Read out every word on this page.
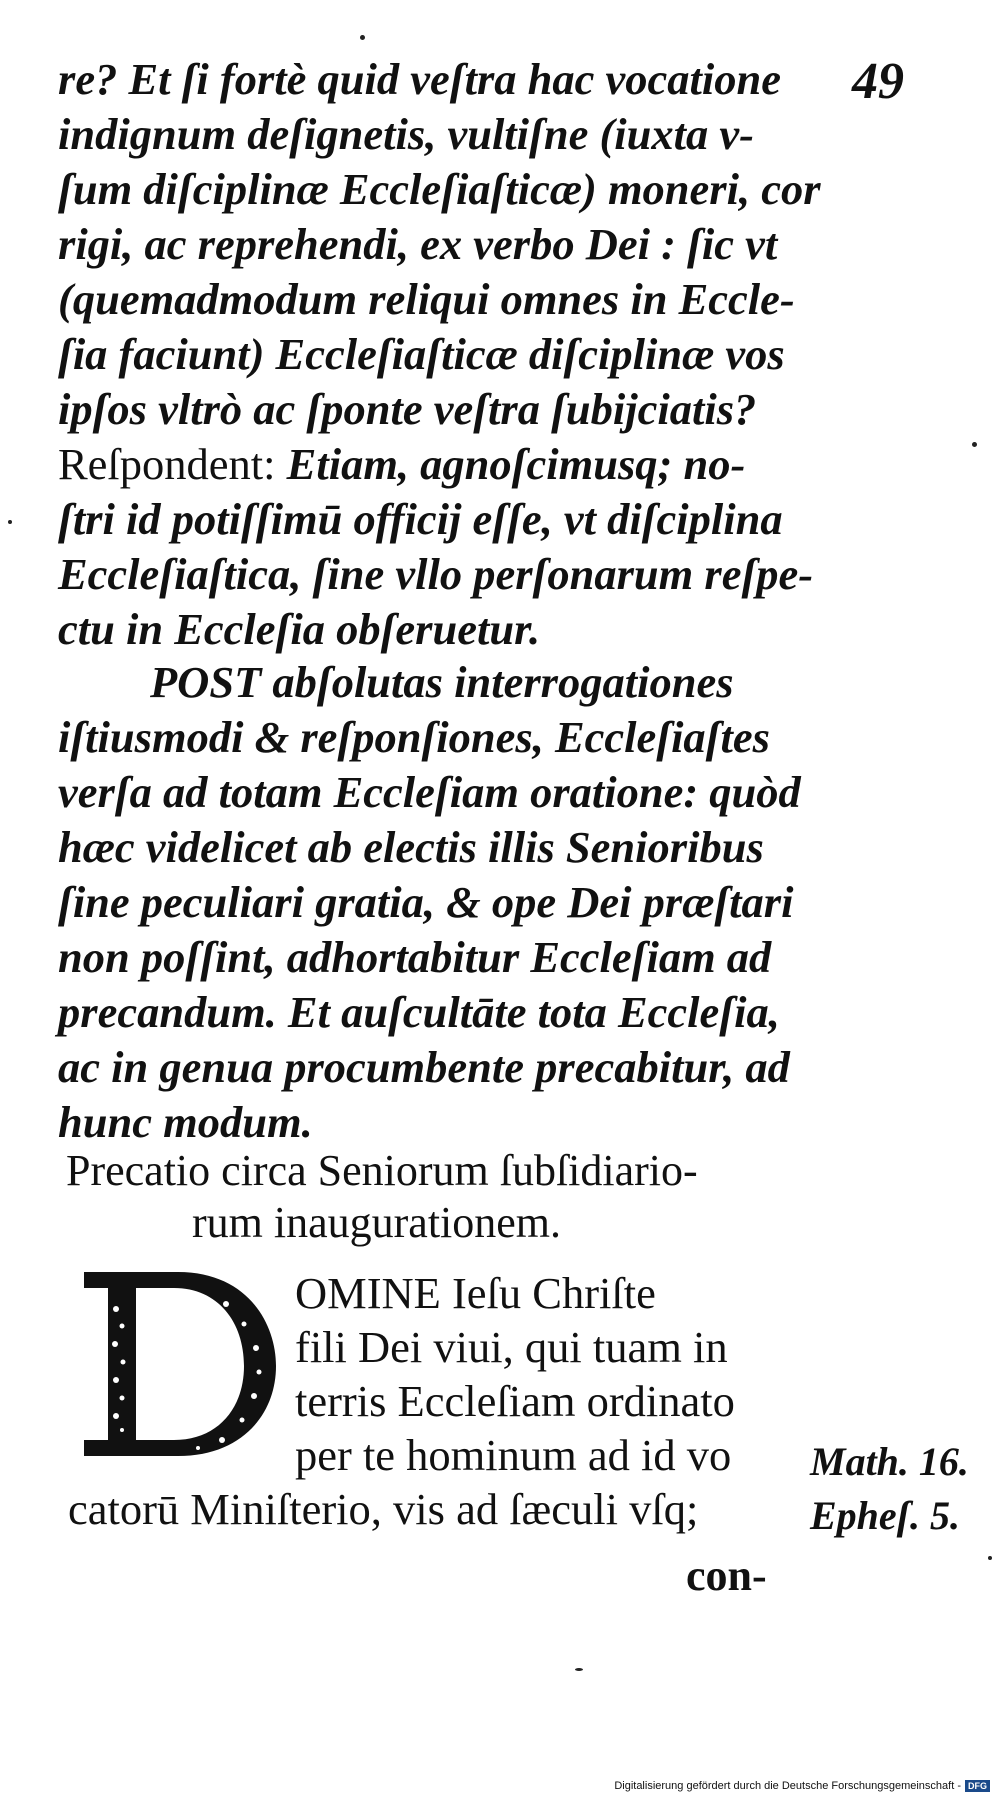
49

re? Et ſi fortè quid veſtra hac vocatione
indignum deſignetis, vultiſne (iuxta v-
ſum diſciplinæ Eccleſiaſticæ) moneri, cor
rigi, ac reprehendi, ex verbo Dei : ſic vt
(quemadmodum reliqui omnes in Eccle-
ſia faciunt) Eccleſiaſticæ diſciplinæ vos
ipſos vltrò ac ſponte veſtra ſubijciatis?
Reſpondent: Etiam, agnoſcimusq; no-
ſtri id potiſſimū officij eſſe, vt diſciplina
Eccleſiaſtica, ſine vllo perſonarum reſpe-
ctu in Eccleſia obſeruetur.
POST abſolutas interrogationes
iſtiusmodi & reſponſiones, Eccleſiaſtes
verſa ad totam Eccleſiam oratione: quòd
hæc videlicet ab electis illis Senioribus
ſine peculiari gratia, & ope Dei præſtari
non poſſint, adhortabitur Eccleſiam ad
precandum. Et auſcultāte tota Eccleſia,
ac in genua procumbente precabitur, ad
hunc modum.
Precatio circa Seniorum ſubſidiario-
rum inaugurationem.
OMINE Ieſu Chriſte
fili Dei viui, qui tuam in
terris Eccleſiam ordinato
per te hominum ad id vo
catorū Miniſterio, vis ad ſæculi vſq;

Math. 16.

Epheſ. 5.

con-

Digitalisierung gefördert durch die Deutsche Forschungsgemeinschaft - DFG
